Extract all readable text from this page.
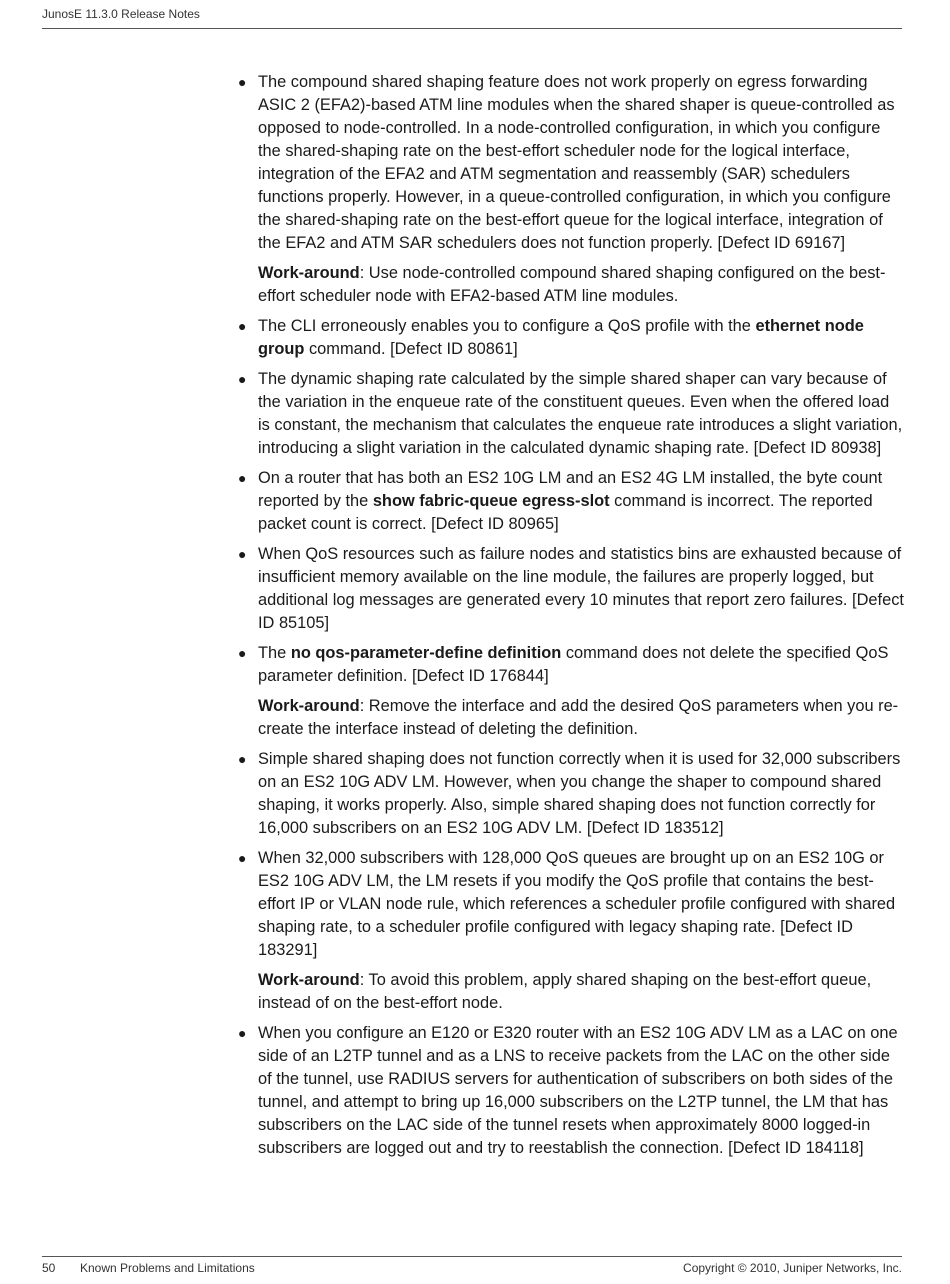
JunosE 11.3.0 Release Notes
● The compound shared shaping feature does not work properly on egress forwarding ASIC 2 (EFA2)-based ATM line modules when the shared shaper is queue-controlled as opposed to node-controlled. In a node-controlled configuration, in which you configure the shared-shaping rate on the best-effort scheduler node for the logical interface, integration of the EFA2 and ATM segmentation and reassembly (SAR) schedulers functions properly. However, in a queue-controlled configuration, in which you configure the shared-shaping rate on the best-effort queue for the logical interface, integration of the EFA2 and ATM SAR schedulers does not function properly. [Defect ID 69167]

Work-around: Use node-controlled compound shared shaping configured on the best-effort scheduler node with EFA2-based ATM line modules.

● The CLI erroneously enables you to configure a QoS profile with the ethernet node group command. [Defect ID 80861]

● The dynamic shaping rate calculated by the simple shared shaper can vary because of the variation in the enqueue rate of the constituent queues. Even when the offered load is constant, the mechanism that calculates the enqueue rate introduces a slight variation, introducing a slight variation in the calculated dynamic shaping rate. [Defect ID 80938]

● On a router that has both an ES2 10G LM and an ES2 4G LM installed, the byte count reported by the show fabric-queue egress-slot command is incorrect. The reported packet count is correct. [Defect ID 80965]

● When QoS resources such as failure nodes and statistics bins are exhausted because of insufficient memory available on the line module, the failures are properly logged, but additional log messages are generated every 10 minutes that report zero failures. [Defect ID 85105]

● The no qos-parameter-define definition command does not delete the specified QoS parameter definition. [Defect ID 176844]

Work-around: Remove the interface and add the desired QoS parameters when you re-create the interface instead of deleting the definition.

● Simple shared shaping does not function correctly when it is used for 32,000 subscribers on an ES2 10G ADV LM. However, when you change the shaper to compound shared shaping, it works properly. Also, simple shared shaping does not function correctly for 16,000 subscribers on an ES2 10G ADV LM. [Defect ID 183512]

● When 32,000 subscribers with 128,000 QoS queues are brought up on an ES2 10G or ES2 10G ADV LM, the LM resets if you modify the QoS profile that contains the best-effort IP or VLAN node rule, which references a scheduler profile configured with shared shaping rate, to a scheduler profile configured with legacy shaping rate. [Defect ID 183291]

Work-around: To avoid this problem, apply shared shaping on the best-effort queue, instead of on the best-effort node.

● When you configure an E120 or E320 router with an ES2 10G ADV LM as a LAC on one side of an L2TP tunnel and as a LNS to receive packets from the LAC on the other side of the tunnel, use RADIUS servers for authentication of subscribers on both sides of the tunnel, and attempt to bring up 16,000 subscribers on the L2TP tunnel, the LM that has subscribers on the LAC side of the tunnel resets when approximately 8000 logged-in subscribers are logged out and try to reestablish the connection. [Defect ID 184118]

50 Known Problems and Limitations	Copyright © 2010, Juniper Networks, Inc.
